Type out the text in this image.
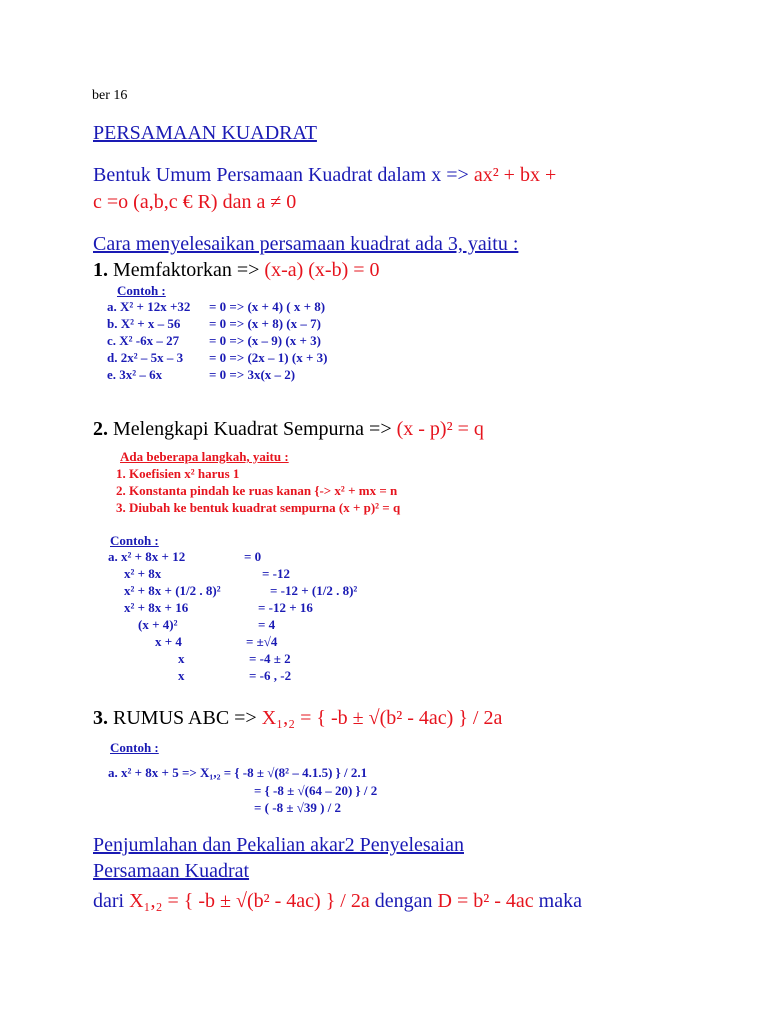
ber 16
PERSAMAAN KUADRAT
Bentuk Umum Persamaan Kuadrat dalam x => ax² + bx +
c =o (a,b,c € R) dan a ≠ 0
Cara menyelesaikan persamaan kuadrat ada 3, yaitu :
1. Memfaktorkan => (x-a) (x-b) = 0
Contoh :
a. X² + 12x +32 = 0 => (x + 4) ( x + 8)
b. X² + x – 56 = 0 => (x + 8) (x – 7)
c. X² -6x – 27 = 0 => (x – 9) (x + 3)
d. 2x² – 5x – 3 = 0 => (2x – 1) (x + 3)
e. 3x² – 6x	= 0 => 3x(x – 2)
2. Melengkapi Kuadrat Sempurna => (x - p)² = q
Ada beberapa langkah, yaitu :
1. Koefisien x² harus 1
2. Konstanta pindah ke ruas kanan {-> x² + mx = n
3. Diubah ke bentuk kuadrat sempurna (x + p)² = q
Contoh :
a. x² + 8x + 12	= 0
x² + 8x	= -12
x² + 8x + (1/2 . 8)²	= -12 + (1/2 . 8)²
x² + 8x + 16	= -12 + 16
(x + 4)²	= 4
x + 4	= ±√4
x	= -4 ± 2
x	= -6 , -2
3. RUMUS ABC => X₁,₂ = { -b ± √(b² - 4ac) } / 2a
Contoh :
a. x² + 8x + 5 => X₁,₂ = { -8 ± √(8² – 4.1.5) } / 2.1
= { -8 ± √(64 – 20) } / 2
= ( -8 ± √39 ) / 2
Penjumlahan dan Pekalian akar2 Penyelesaian
Persamaan Kuadrat
dari X₁,₂ = { -b ± √(b² - 4ac) } / 2a dengan D = b² - 4ac maka
